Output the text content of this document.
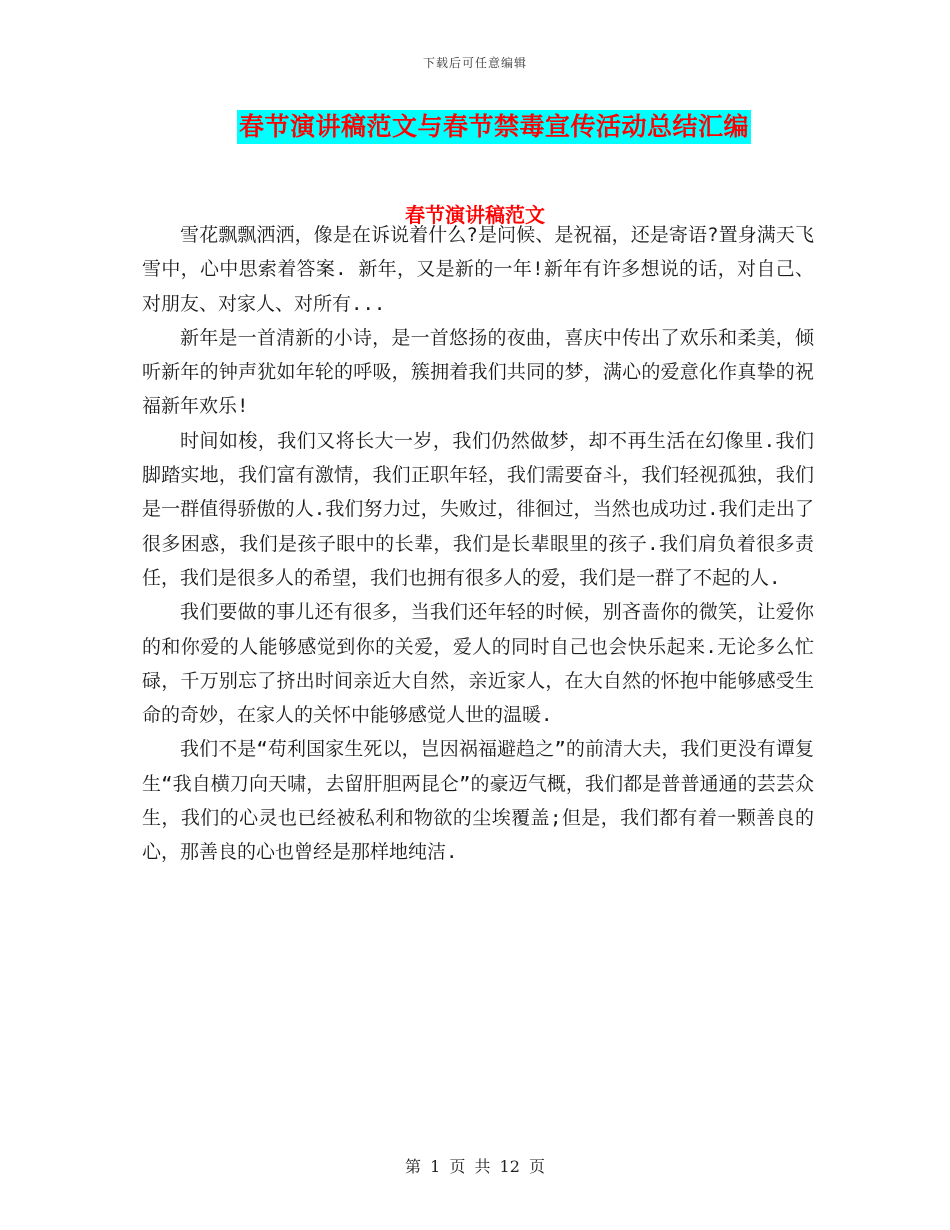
下载后可任意编辑
春节演讲稿范文与春节禁毒宣传活动总结汇编
春节演讲稿范文

雪花飘飘洒洒，像是在诉说着什么?是问候、是祝福，还是寄语?置身满天飞雪中，心中思索着答案. 新年，又是新的一年!新年有许多想说的话，对自己、对朋友、对家人、对所有...

新年是一首清新的小诗，是一首悠扬的夜曲，喜庆中传出了欢乐和柔美，倾听新年的钟声犹如年轮的呼吸，簇拥着我们共同的梦，满心的爱意化作真挚的祝福新年欢乐!

时间如梭，我们又将长大一岁，我们仍然做梦，却不再生活在幻像里.我们脚踏实地，我们富有激情，我们正职年轻，我们需要奋斗，我们轻视孤独，我们是一群值得骄傲的人.我们努力过，失败过，徘徊过，当然也成功过.我们走出了很多困惑，我们是孩子眼中的长辈，我们是长辈眼里的孩子.我们肩负着很多责任，我们是很多人的希望，我们也拥有很多人的爱，我们是一群了不起的人.

我们要做的事儿还有很多，当我们还年轻的时候，别吝啬你的微笑，让爱你的和你爱的人能够感觉到你的关爱，爱人的同时自己也会快乐起来.无论多么忙碌，千万别忘了挤出时间亲近大自然，亲近家人，在大自然的怀抱中能够感受生命的奇妙，在家人的关怀中能够感觉人世的温暖.

我们不是“苟利国家生死以，岂因祸福避趋之”的前清大夫，我们更没有谭复生“我自横刀向天啸，去留肝胆两昆仑”的豪迈气概，我们都是普普通通的芸芸众生，我们的心灵也已经被私利和物欲的尘埃覆盖;但是，我们都有着一颗善良的心，那善良的心也曾经是那样地纯洁.

第 1 页 共 12 页
